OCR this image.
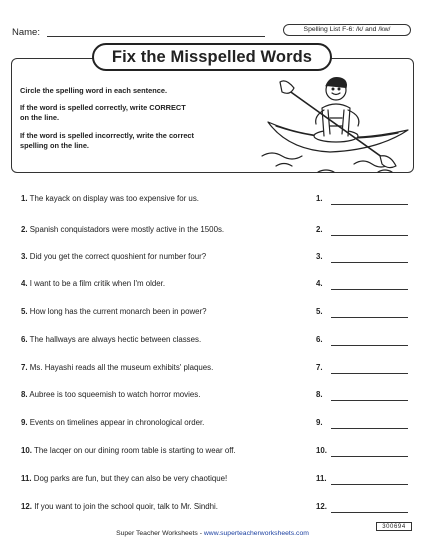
Name:	Spelling List F-6: /k/ and /kw/
Fix the Misspelled Words
Circle the spelling word in each sentence.
If the word is spelled correctly, write CORRECT
on the line.
If the word is spelled incorrectly, write the correct
spelling on the line.
1. The kayack on display was too expensive for us.	1.
2. Spanish conquistadors were mostly active in the 1500s.	2.
3. Did you get the correct quoshient for number four?	3.
4. I want to be a film critik when I'm older.	4.
5. How long has the current monarch been in power?	5.
6. The hallways are always hectic between classes.	6.
7. Ms. Hayashi reads all the museum exhibits' plaques.	7.
8. Aubree is too squeemish to watch horror movies.	8.
9. Events on timelines appear in chronological order.	9.
10. The lacqer on our dining room table is starting to wear off.	10.
11. Dog parks are fun, but they can also be very chaotique!	11.
12. If you want to join the school quoir, talk to Mr. Sindhi.	12.
300694
Super Teacher Worksheets - www.superteacherworksheets.com
